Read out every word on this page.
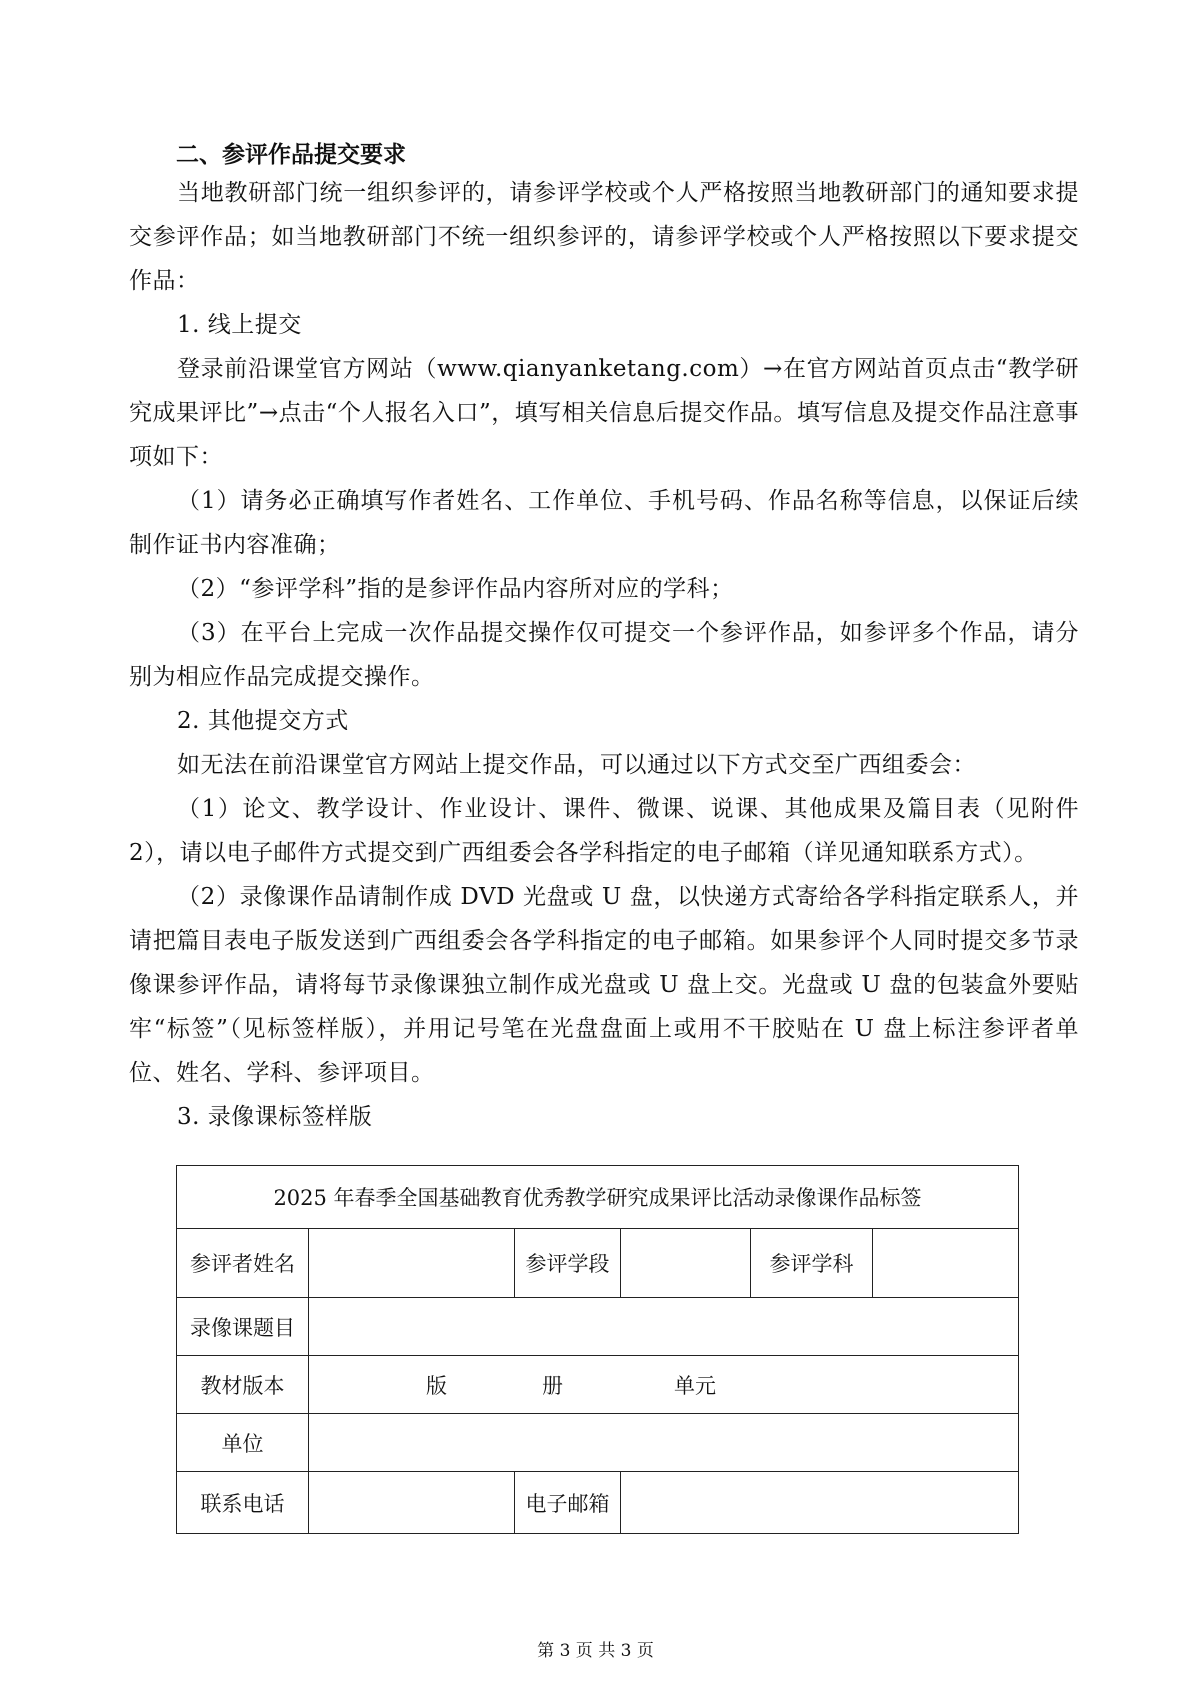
二、参评作品提交要求

当地教研部门统一组织参评的，请参评学校或个人严格按照当地教研部门的通知要求提交参评作品；如当地教研部门不统一组织参评的，请参评学校或个人严格按照以下要求提交作品：

1. 线上提交

登录前沿课堂官方网站（www.qianyanketang.com）→在官方网站首页点击“教学研究成果评比”→点击“个人报名入口”，填写相关信息后提交作品。填写信息及提交作品注意事项如下：

（1）请务必正确填写作者姓名、工作单位、手机号码、作品名称等信息，以保证后续制作证书内容准确；

（2）“参评学科”指的是参评作品内容所对应的学科；

（3）在平台上完成一次作品提交操作仅可提交一个参评作品，如参评多个作品，请分别为相应作品完成提交操作。

2. 其他提交方式

如无法在前沿课堂官方网站上提交作品，可以通过以下方式交至广西组委会：

（1）论文、教学设计、作业设计、课件、微课、说课、其他成果及篇目表（见附件 2），请以电子邮件方式提交到广西组委会各学科指定的电子邮箱（详见通知联系方式）。

（2）录像课作品请制作成 DVD 光盘或 U 盘，以快递方式寄给各学科指定联系人，并请把篇目表电子版发送到广西组委会各学科指定的电子邮箱。如果参评个人同时提交多节录像课参评作品，请将每节录像课独立制作成光盘或 U 盘上交。光盘或 U 盘的包装盒外要贴牢“标签”（见标签样版），并用记号笔在光盘盘面上或用不干胶贴在 U 盘上标注参评者单位、姓名、学科、参评项目。

3. 录像课标签样版

2025 年春季全国基础教育优秀教学研究成果评比活动录像课作品标签					
参评者姓名		参评学段		参评学科	
录像课题目					
教材版本	版 册 单元				

单位					
联系电话		电子邮箱			

第 3 页 共 3 页
